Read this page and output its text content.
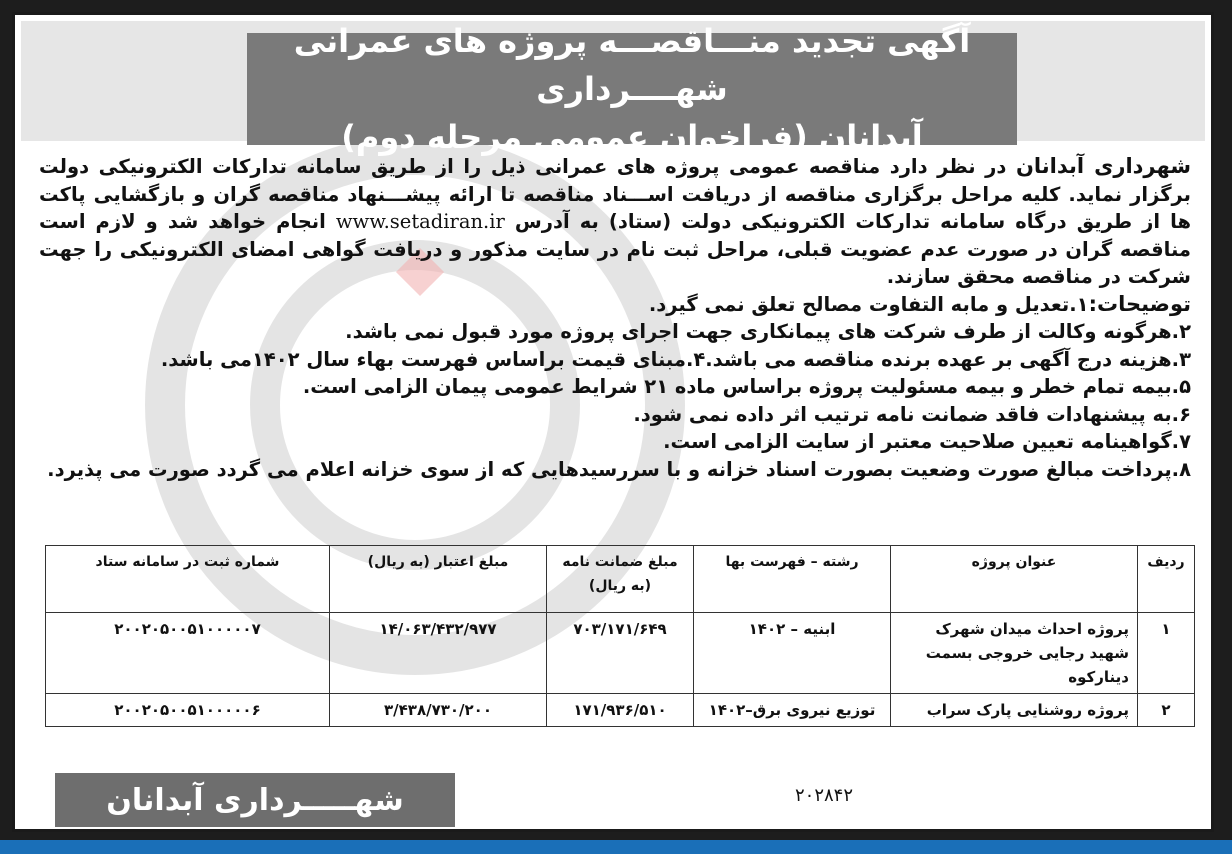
آگهی تجدید منـــاقصـــه پروژه های عمرانی شهــــرداری
آبدانان (فراخوان عمومی مرحله دوم)

شهرداری آبدانان در نظر دارد مناقصه عمومی پروژه های عمرانی ذیل را از طریق سامانه تدارکات الکترونیکی دولت برگزار نماید. کلیه مراحل برگزاری مناقصه از دریافت اســـناد مناقصه تا ارائه پیشـــنهاد مناقصه گران و بازگشایی پاکت ها از طریق درگاه سامانه تدارکات الکترونیکی دولت (ستاد) به آدرس www.setadiran.ir انجام خواهد شد و لازم است مناقصه گران در صورت عدم عضویت قبلی، مراحل ثبت نام در سایت مذکور و دریافت گواهی امضای الکترونیکی را جهت شرکت در مناقصه محقق سازند.

توضیحات:۱.تعدیل و مابه التفاوت مصالح تعلق نمی گیرد.
۲.هرگونه وکالت از طرف شرکت های پیمانکاری جهت اجرای پروژه مورد قبول نمی باشد.
۳.هزینه درج آگهی بر عهده برنده مناقصه می باشد.۴.مبنای قیمت براساس فهرست بهاء سال ۱۴۰۲می باشد.
۵.بیمه تمام خطر و بیمه مسئولیت پروژه براساس ماده ۲۱ شرایط عمومی پیمان الزامی است.
۶.به پیشنهادات فاقد ضمانت نامه ترتیب اثر داده نمی شود.
۷.گواهینامه تعیین صلاحیت معتبر از سایت الزامی است.
۸.پرداخت مبالغ صورت وضعیت بصورت اسناد خزانه و با سررسیدهایی که از سوی خزانه اعلام می گردد صورت می پذیرد.

ردیف	عنوان پروژه	رشته – فهرست بها	مبلغ ضمانت نامه (به ریال)	مبلغ اعتبار (به ریال)	شماره ثبت در سامانه ستاد
۱	پروژه احداث میدان شهرک شهید رجایی خروجی بسمت دینارکوه	ابنیه – ۱۴۰۲	۷۰۳/۱۷۱/۶۴۹	۱۴/۰۶۳/۴۳۲/۹۷۷	۲۰۰۲۰۵۰۰۵۱۰۰۰۰۰۷
۲	پروژه روشنایی پارک سراب	توزیع نیروی برق–۱۴۰۲	۱۷۱/۹۳۶/۵۱۰	۳/۴۳۸/۷۳۰/۲۰۰	۲۰۰۲۰۵۰۰۵۱۰۰۰۰۰۶
شهـــــرداری آبدانان	۲۰۲۸۴۲
